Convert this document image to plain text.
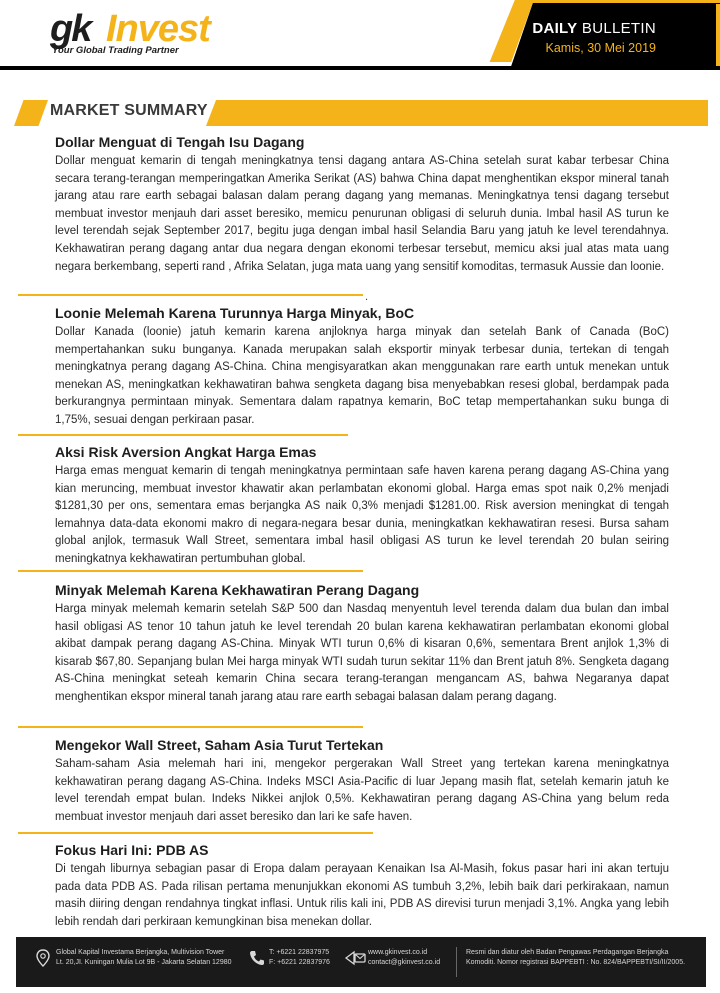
gk Invest
Your Global Trading Partner
DAILY BULLETIN
Kamis, 30 Mei 2019
MARKET SUMMARY
Dollar Menguat di Tengah Isu Dagang

Dollar menguat kemarin di tengah meningkatnya tensi dagang antara AS-China setelah surat kabar terbesar China secara terang-terangan memperingatkan Amerika Serikat (AS) bahwa China dapat menghentikan ekspor mineral tanah jarang atau rare earth sebagai balasan dalam perang dagang yang memanas. Meningkatnya tensi dagang tersebut membuat investor menjauh dari asset beresiko, memicu penurunan obligasi di seluruh dunia. Imbal hasil AS turun ke level terendah sejak September 2017, begitu juga dengan imbal hasil Selandia Baru yang jatuh ke level terendahnya. Kekhawatiran perang dagang antar dua negara dengan ekonomi terbesar tersebut, memicu aksi jual atas mata uang negara berkembang, seperti rand , Afrika Selatan, juga mata uang yang sensitif komoditas, termasuk Aussie dan loonie.

.
Loonie Melemah Karena Turunnya Harga Minyak, BoC

Dollar Kanada (loonie) jatuh kemarin karena anjloknya harga minyak dan setelah Bank of Canada (BoC) mempertahankan suku bunganya. Kanada merupakan salah eksportir minyak terbesar dunia, tertekan di tengah meningkatnya perang dagang AS-China. China mengisyaratkan akan menggunakan rare earth untuk menekan untuk menekan AS, meningkatkan kekhawatiran bahwa sengketa dagang bisa menyebabkan resesi global, berdampak pada berkurangnya permintaan minyak. Sementara dalam rapatnya kemarin, BoC tetap mempertahankan suku bunga di 1,75%, sesuai dengan perkiraan pasar.

Aksi Risk Aversion Angkat Harga Emas

Harga emas menguat kemarin di tengah meningkatnya permintaan safe haven karena perang dagang AS-China yang kian meruncing, membuat investor khawatir akan perlambatan ekonomi global. Harga emas spot naik 0,2% menjadi $1281,30 per ons, sementara emas berjangka AS naik 0,3% menjadi $1281.00. Risk aversion meningkat di tengah lemahnya data-data ekonomi makro di negara-negara besar dunia, meningkatkan kekhawatiran resesi. Bursa saham global anjlok, termasuk Wall Street, sementara imbal hasil obligasi AS turun ke level terendah 20 bulan seiring meningkatnya kekhawatiran pertumbuhan global.

Minyak Melemah Karena Kekhawatiran Perang Dagang

Harga minyak melemah kemarin setelah S&P 500 dan Nasdaq menyentuh level terenda dalam dua bulan dan imbal hasil obligasi AS tenor 10 tahun jatuh ke level terendah 20 bulan karena kekhawatiran perlambatan ekonomi global akibat dampak perang dagang AS-China. Minyak WTI turun 0,6% di kisaran 0,6%, sementara Brent anjlok 1,3% di kisarab $67,80. Sepanjang bulan Mei harga minyak WTI sudah turun sekitar 11% dan Brent jatuh 8%. Sengketa dagang AS-China meningkat seteah kemarin China secara terang-terangan mengancam AS, bahwa Negaranya dapat menghentikan ekspor mineral tanah jarang atau rare earth sebagai balasan dalam perang dagang.

Mengekor Wall Street, Saham Asia Turut Tertekan

Saham-saham Asia melemah hari ini, mengekor pergerakan Wall Street yang tertekan karena meningkatnya kekhawatiran perang dagang AS-China. Indeks MSCI Asia-Pacific di luar Jepang masih flat, setelah kemarin jatuh ke level terendah empat bulan. Indeks Nikkei anjlok 0,5%. Kekhawatiran perang dagang AS-China yang belum reda membuat investor menjauh dari asset beresiko dan lari ke safe haven.

Fokus Hari Ini: PDB AS

Di tengah liburnya sebagian pasar di Eropa dalam perayaan Kenaikan Isa Al-Masih, fokus pasar hari ini akan tertuju pada data PDB AS. Pada rilisan pertama menunjukkan ekonomi AS tumbuh 3,2%, lebih baik dari perkirakaan, namun masih diiring dengan rendahnya tingkat inflasi. Untuk rilis kali ini, PDB AS direvisi turun menjadi 3,1%. Angka yang lebih lebih rendah dari perkiraan kemungkinan bisa menekan dollar.

Global Kapital Investama Berjangka, Multivision Tower
Lt. 20,JI. Kuningan Mulia Lot 9B - Jakarta Selatan 12980
T: +6221 22837975
F: +6221 22837976
www.gkinvest.co.id
contact@gkinvest.co.id
Resmi dan diatur oleh Badan Pengawas Perdagangan Berjangka
Komoditi. Nomor registrasi BAPPEBTI : No. 824/BAPPEBTI/SI/II/2005.
